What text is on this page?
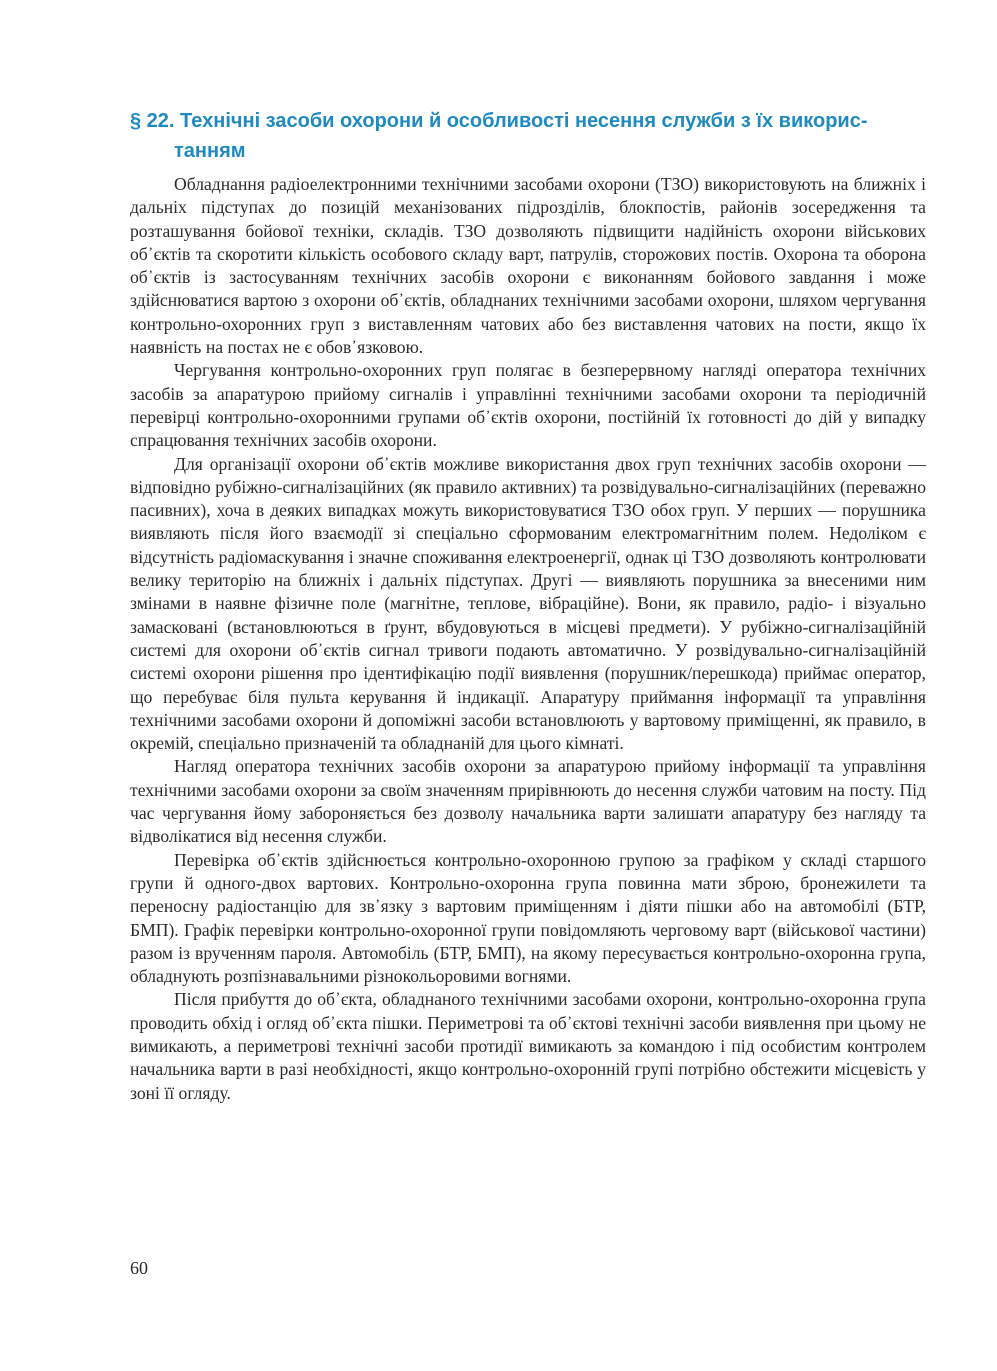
§ 22. Технічні засоби охорони й особливості несення служби з їх викорис-
танням

Обладнання радіоелектронними технічними засобами охорони (ТЗО) використовують на ближніх і дальніх підступах до позицій механізованих підрозділів, блокпостів, районів зосередження та розташування бойової техніки, складів. ТЗО дозволяють підвищити надійність охорони військових об᾿єктів та скоротити кількість особового складу варт, патрулів, сторожових постів. Охорона та оборона об᾿єктів із застосуванням технічних засобів охорони є виконанням бойового завдання і може здійснюватися вартою з охорони об᾿єктів, обладнаних технічними засобами охорони, шляхом чергування контрольно-охоронних груп з виставленням чатових або без виставлення чатових на пости, якщо їх наявність на постах не є обов᾿язковою.

Чергування контрольно-охоронних груп полягає в безперервному нагляді оператора технічних засобів за апаратурою прийому сигналів і управлінні технічними засобами охорони та періодичній перевірці контрольно-охоронними групами об᾿єктів охорони, постійній їх готовності до дій у випадку спрацювання технічних засобів охорони.

Для організації охорони об᾿єктів можливе використання двох груп технічних засобів охорони — відповідно рубіжно-сигналізаційних (як правило активних) та розвідувально-сигналізаційних (переважно пасивних), хоча в деяких випадках можуть використовуватися ТЗО обох груп. У перших — порушника виявляють після його взаємодії зі спеціально сформованим електромагнітним полем. Недоліком є відсутність радіомаскування і значне споживання електроенергії, однак ці ТЗО дозволяють контролювати велику територію на ближніх і дальніх підступах. Другі — виявляють порушника за внесеними ним змінами в наявне фізичне поле (магнітне, теплове, вібраційне). Вони, як правило, радіо- і візуально замасковані (встановлюються в ґрунт, вбудовуються в місцеві предмети). У рубіжно-сигналізаційній системі для охорони об᾿єктів сигнал тривоги подають автоматично. У розвідувально-сигналізаційній системі охорони рішення про ідентифікацію події виявлення (порушник/перешкода) приймає оператор, що перебуває біля пульта керування й індикації. Апаратуру приймання інформації та управління технічними засобами охорони й допоміжні засоби встановлюють у вартовому приміщенні, як правило, в окремій, спеціально призначеній та обладнаній для цього кімнаті.

Нагляд оператора технічних засобів охорони за апаратурою прийому інформації та управління технічними засобами охорони за своїм значенням прирівнюють до несення служби чатовим на посту. Під час чергування йому забороняється без дозволу начальника варти залишати апаратуру без нагляду та відволікатися від несення служби.

Перевірка об᾿єктів здійснюється контрольно-охоронною групою за графіком у складі старшого групи й одного-двох вартових. Контрольно-охоронна група повинна мати зброю, бронежилети та переносну радіостанцію для зв᾿язку з вартовим приміщенням і діяти пішки або на автомобілі (БТР, БМП). Графік перевірки контрольно-охоронної групи повідомляють черговому варт (військової частини) разом із врученням пароля. Автомобіль (БТР, БМП), на якому пересувається контрольно-охоронна група, обладнують розпізнавальними різнокольоровими вогнями.

Після прибуття до об᾿єкта, обладнаного технічними засобами охорони, контрольно-охоронна група проводить обхід і огляд об᾿єкта пішки. Периметрові та об᾿єктові технічні засоби виявлення при цьому не вимикають, а периметрові технічні засоби протидії вимикають за командою і під особистим контролем начальника варти в разі необхідності, якщо контрольно-охоронній групі потрібно обстежити місцевість у зоні її огляду.

60
